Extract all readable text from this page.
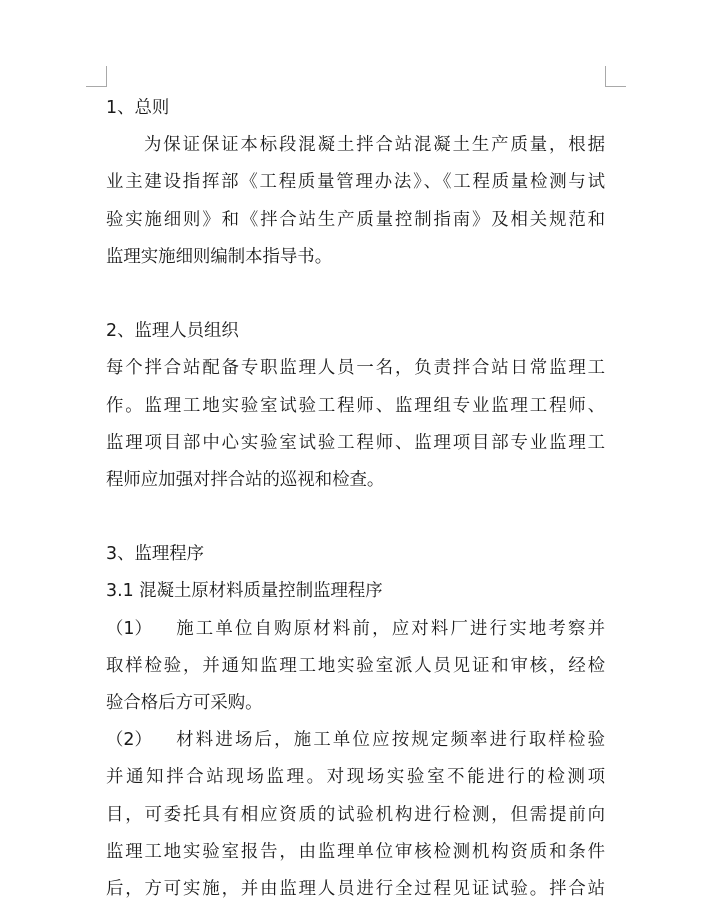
1、总则
为保证保证本标段混凝土拌合站混凝土生产质量，根据
业主建设指挥部《工程质量管理办法》、《工程质量检测与试
验实施细则》和《拌合站生产质量控制指南》及相关规范和
监理实施细则编制本指导书。
2、监理人员组织
每个拌合站配备专职监理人员一名，负责拌合站日常监理工
作。监理工地实验室试验工程师、监理组专业监理工程师、
监理项目部中心实验室试验工程师、监理项目部专业监理工
程师应加强对拌合站的巡视和检查。
3、监理程序
3.1 混凝土原材料质量控制监理程序
（1） 施工单位自购原材料前，应对料厂进行实地考察并
取样检验，并通知监理工地实验室派人员见证和审核，经检
验合格后方可采购。
（2） 材料进场后，施工单位应按规定频率进行取样检验
并通知拌合站现场监理。对现场实验室不能进行的检测项
目，可委托具有相应资质的试验机构进行检测，但需提前向
监理工地实验室报告，由监理单位审核检测机构资质和条件
后，方可实施，并由监理人员进行全过程见证试验。拌合站
